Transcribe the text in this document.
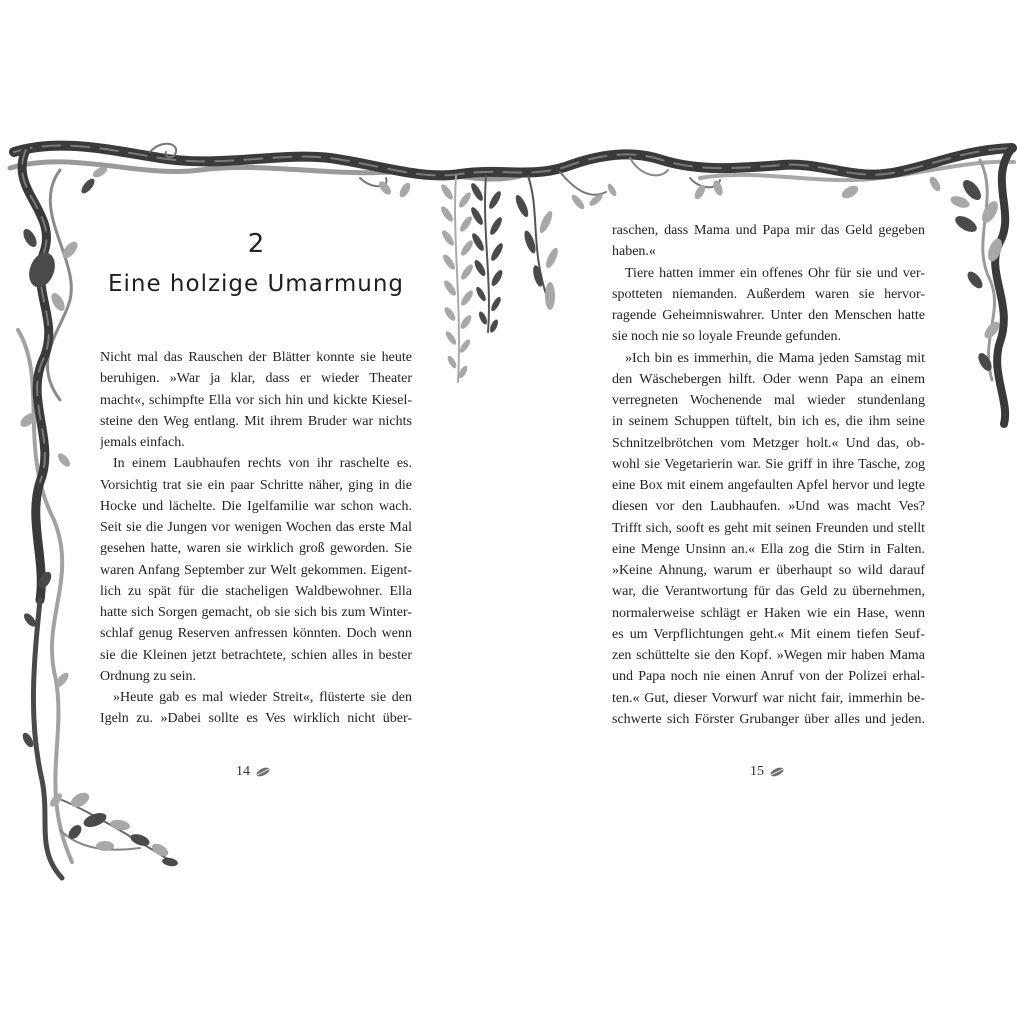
2
Eine holzige Umarmung
Nicht mal das Rauschen der Blätter konnte sie heute
beruhigen. »War ja klar, dass er wieder Theater
macht«, schimpfte Ella vor sich hin und kickte Kiesel-
steine den Weg entlang. Mit ihrem Bruder war nichts
jemals einfach.
In einem Laubhaufen rechts von ihr raschelte es.
Vorsichtig trat sie ein paar Schritte näher, ging in die
Hocke und lächelte. Die Igelfamilie war schon wach.
Seit sie die Jungen vor wenigen Wochen das erste Mal
gesehen hatte, waren sie wirklich groß geworden. Sie
waren Anfang September zur Welt gekommen. Eigent-
lich zu spät für die stacheligen Waldbewohner. Ella
hatte sich Sorgen gemacht, ob sie sich bis zum Winter-
schlaf genug Reserven anfressen könnten. Doch wenn
sie die Kleinen jetzt betrachtete, schien alles in bester
Ordnung zu sein.
»Heute gab es mal wieder Streit«, flüsterte sie den
Igeln zu. »Dabei sollte es Ves wirklich nicht über-
14
raschen, dass Mama und Papa mir das Geld gegeben
haben.«
Tiere hatten immer ein offenes Ohr für sie und ver-
spotteten niemanden. Außerdem waren sie hervor-
ragende Geheimniswahrer. Unter den Menschen hatte
sie noch nie so loyale Freunde gefunden.
»Ich bin es immerhin, die Mama jeden Samstag mit
den Wäschebergen hilft. Oder wenn Papa an einem
verregneten Wochenende mal wieder stundenlang
in seinem Schuppen tüftelt, bin ich es, die ihm seine
Schnitzelbrötchen vom Metzger holt.« Und das, ob-
wohl sie Vegetarierin war. Sie griff in ihre Tasche, zog
eine Box mit einem angefaulten Apfel hervor und legte
diesen vor den Laubhaufen. »Und was macht Ves?
Trifft sich, sooft es geht mit seinen Freunden und stellt
eine Menge Unsinn an.« Ella zog die Stirn in Falten.
»Keine Ahnung, warum er überhaupt so wild darauf
war, die Verantwortung für das Geld zu übernehmen,
normalerweise schlägt er Haken wie ein Hase, wenn
es um Verpflichtungen geht.« Mit einem tiefen Seuf-
zen schüttelte sie den Kopf. »Wegen mir haben Mama
und Papa noch nie einen Anruf von der Polizei erhal-
ten.« Gut, dieser Vorwurf war nicht fair, immerhin be-
schwerte sich Förster Grubanger über alles und jeden.
15
